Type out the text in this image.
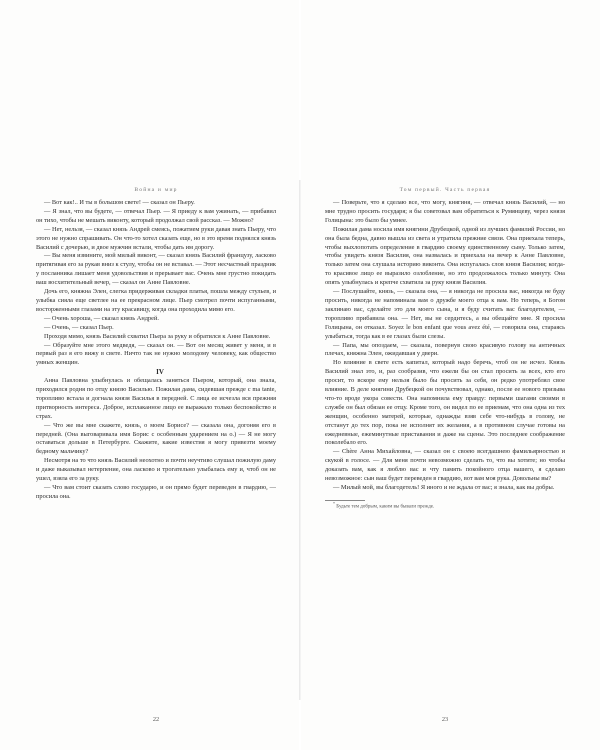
Война и мир

— Вот как!.. И ты в большом свете! — сказал он Пьеру.

— Я знал, что вы будете, — отвечал Пьер. — Я приеду к вам ужинать, — прибавил он тихо, чтобы не мешать виконту, который продолжал свой рассказ. — Можно?

— Нет, нельзя, — сказал князь Андрей смеясь, пожатием руки давая знать Пьеру, что этого не нужно спрашивать. Он что-то хотел сказать еще, но в это время поднялся князь Василий с дочерью, и двое мужчин встали, чтобы дать им дорогу.

— Вы меня извините, мой милый виконт, — сказал князь Василий французу, ласково притягивая его за рукав вниз к стулу, чтобы он не вставал. — Этот несчастный праздник у посланника лишает меня удовольствия и прерывает вас. Очень мне грустно покидать ваш восхитительный вечер, — сказал он Анне Павловне.

Дочь его, княжна Элен, слегка придерживая складки платья, пошла между стульев, и улыбка сияла еще светлее на ее прекрасном лице. Пьер смотрел почти испуганными, восторженными глазами на эту красавицу, когда она проходила мимо его.

— Очень хороша, — сказал князь Андрей.

— Очень, — сказал Пьер.

Проходя мимо, князь Василий схватил Пьера за руку и обратился к Анне Павловне.

— Образуйте мне этого медведя, — сказал он. — Вот он месяц живет у меня, и в первый раз я его вижу в свете. Ничто так не нужно молодому человеку, как общество умных женщин.

IV

Анна Павловна улыбнулась и обещалась заняться Пьером, который, она знала, приходился родня по отцу князю Василью. Пожилая дама, сидевшая прежде с ma tante, торопливо встала и догнала князя Василья в передней. С лица ее исчезла вся прежняя притворность интереса. Доброе, исплаканное лицо ее выражало только беспокойство и страх.

— Что же вы мне скажете, князь, о моем Борисе? — сказала она, догоняя его в передней. (Она выговаривала имя Борис с особенным ударением на о.) — Я не могу оставаться дольше в Петербурге. Скажите, какие известия я могу привезти моему бедному мальчику?

Несмотря на то что князь Василий неохотно и почти неучтиво слушал пожилую даму и даже выказывал нетерпение, она ласково и трогательно улыбалась ему и, чтоб он не ушел, взяла его за руку.

— Что вам стоит сказать слово государю, и он прямо будет переведен в гвардию, — просила она.

22
Том первый. Часть первая

— Поверьте, что я сделаю все, что могу, княгиня, — отвечал князь Василий, — но мне трудно просить государя; я бы советовал вам обратиться к Румянцеву, через князя Голицына: это было бы умнее.

Пожилая дама носила имя княгини Друбецкой, одной из лучших фамилий России, но она была бедна, давно вышла из света и утратила прежние связи. Она приехала теперь, чтобы выхлопотать определение в гвардию своему единственному сыну. Только затем, чтобы увидеть князя Василия, она назвалась и приехала на вечер к Анне Павловне, только затем она слушала историю виконта. Она испугалась слов князя Василия; когда-то красивое лицо ее выразило озлобление, но это продолжалось только минуту. Она опять улыбнулась и крепче схватила за руку князя Василия.

— Послушайте, князь, — сказала она, — я никогда не просила вас, никогда не буду просить, никогда не напоминала вам о дружбе моего отца к вам. Но теперь, я Богом заклинаю вас, сделайте это для моего сына, и я буду считать вас благодетелем, — торопливо прибавила она. — Нет, вы не сердитесь, а вы обещайте мне. Я просила Голицына, он отказал. Soyez le bon enfant que vous avez été, — говорила она, стараясь улыбаться, тогда как в ее глазах были слезы.

— Папа, мы опоздаем, — сказала, повернув свою красивую голову на античных плечах, княжна Элен, ожидавшая у двери.

Но влияние в свете есть капитал, который надо беречь, чтоб он не исчез. Князь Василий знал это, и, раз сообразив, что ежели бы он стал просить за всех, кто его просит, то вскоре ему нельзя было бы просить за себя, он редко употреблял свое влияние. В деле княгини Друбецкой он почувствовал, однако, после ее нового призыва что-то вроде укора совести. Она напомнила ему правду: первыми шагами своими в службе он был обязан ее отцу. Кроме того, он видел по ее приемам, что она одна из тех женщин, особенно матерей, которые, однажды взяв себе что-нибудь в голову, не отстанут до тех пор, пока не исполнят их желания, а в противном случае готовы на ежедневные, ежеминутные приставания и даже на сцены. Это последнее соображение поколебало его.

— Chère Анна Михайловна, — сказал он с своею всегдашнею фамильярностью и скукой в голосе. — Для меня почти невозможно сделать то, что вы хотите; но чтобы доказать вам, как я люблю вас и чту память покойного отца вашего, я сделаю невозможное: сын ваш будет переведен в гвардию, вот вам моя рука. Довольны вы?

— Милый мой, вы благодетель! Я иного и не ждала от вас; я знала, как вы добры.

* Будьте тем добрым, каким вы бывали прежде.

23
